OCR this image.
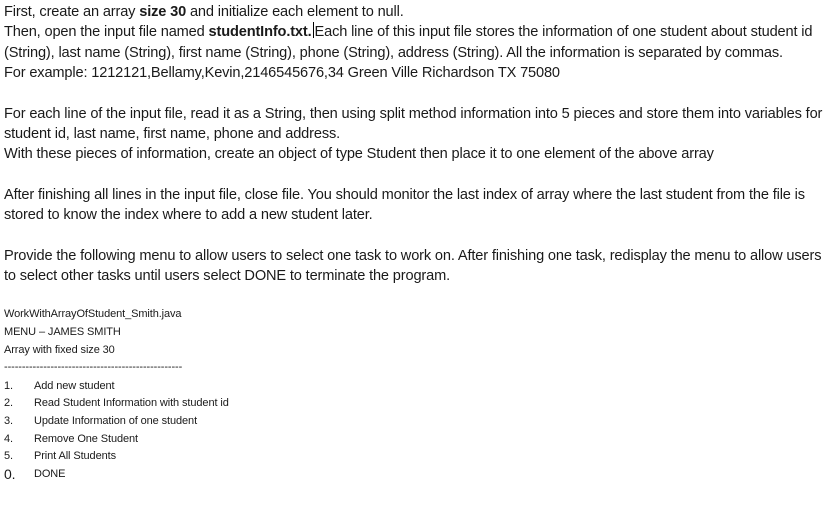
First, create an array size 30 and initialize each element to null.
Then, open the input file named studentInfo.txt. Each line of this input file stores the information of one student about student id (String), last name (String), first name (String), phone (String), address (String). All the information is separated by commas.
For example: 1212121,Bellamy,Kevin,2146545676,34 Green Ville Richardson TX 75080

For each line of the input file, read it as a String, then using split method information into 5 pieces and store them into variables for student id, last name, first name, phone and address.
With these pieces of information, create an object of type Student then place it to one element of the above array

After finishing all lines in the input file, close file. You should monitor the last index of array where the last student from the file is stored to know the index where to add a new student later.

Provide the following menu to allow users to select one task to work on. After finishing one task, redisplay the menu to allow users to select other tasks until users select DONE to terminate the program.

WorkWithArrayOfStudent_Smith.java
MENU – JAMES SMITH
Array with fixed size 30
--------------------------------------------------
1.	Add new student
2.	Read Student Information with student id
3.	Update Information of one student
4.	Remove One Student
5.	Print All Students
0.	DONE
